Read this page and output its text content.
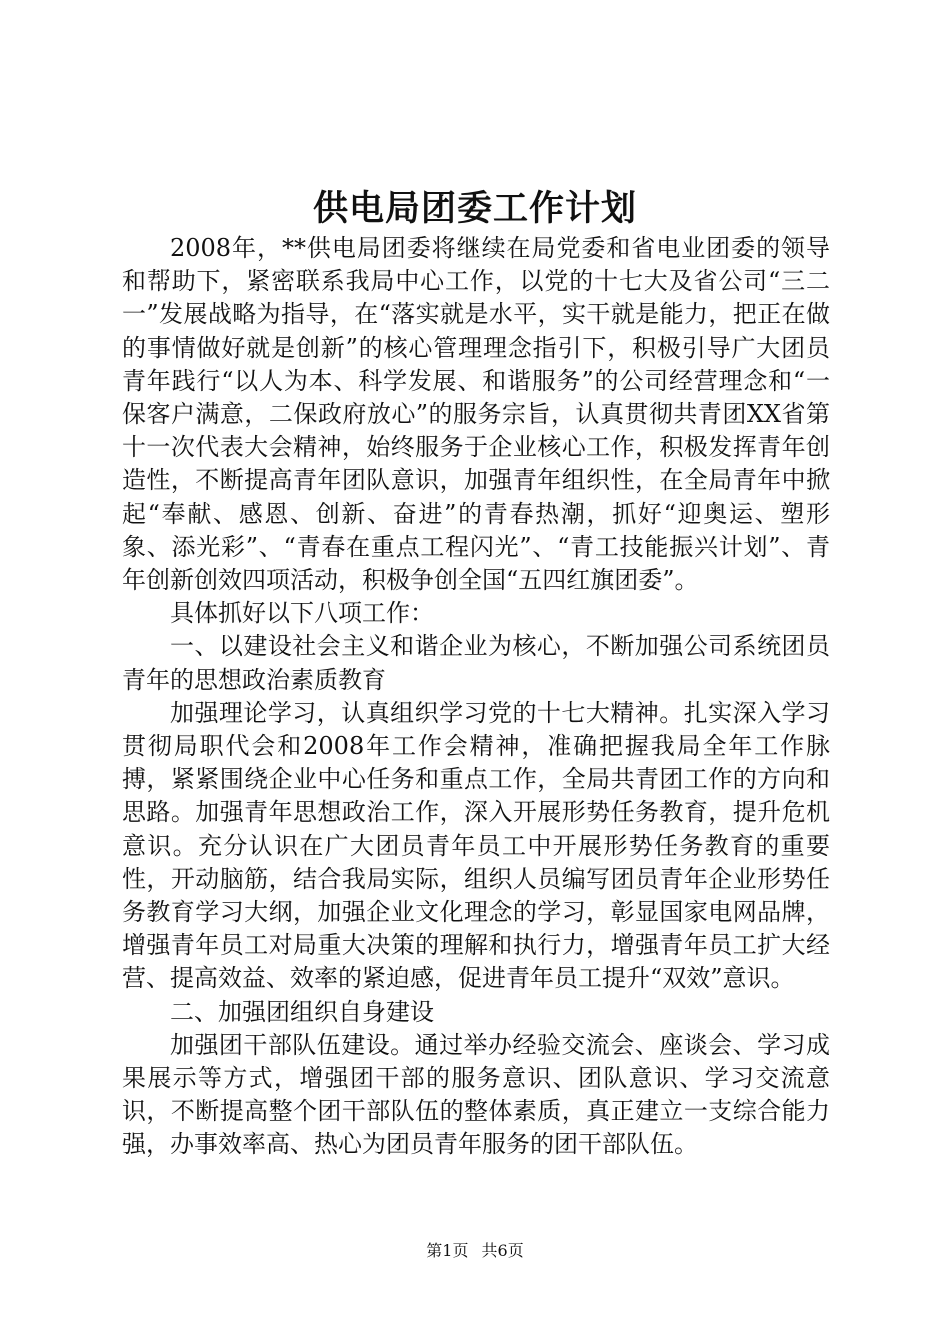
供电局团委工作计划

2008年，**供电局团委将继续在局党委和省电业团委的领导和帮助下，紧密联系我局中心工作，以党的十七大及省公司“三二一”发展战略为指导，在“落实就是水平，实干就是能力，把正在做的事情做好就是创新”的核心管理理念指引下，积极引导广大团员青年践行“以人为本、科学发展、和谐服务”的公司经营理念和“一保客户满意，二保政府放心”的服务宗旨，认真贯彻共青团XX省第十一次代表大会精神，始终服务于企业核心工作，积极发挥青年创造性，不断提高青年团队意识，加强青年组织性，在全局青年中掀起“奉献、感恩、创新、奋进”的青春热潮，抓好“迎奥运、塑形象、添光彩”、“青春在重点工程闪光”、“青工技能振兴计划”、青年创新创效四项活动，积极争创全国“五四红旗团委”。

具体抓好以下八项工作：

一、以建设社会主义和谐企业为核心，不断加强公司系统团员青年的思想政治素质教育

加强理论学习，认真组织学习党的十七大精神。扎实深入学习贯彻局职代会和2008年工作会精神，准确把握我局全年工作脉搏，紧紧围绕企业中心任务和重点工作，全局共青团工作的方向和思路。加强青年思想政治工作，深入开展形势任务教育，提升危机意识。充分认识在广大团员青年员工中开展形势任务教育的重要性，开动脑筋，结合我局实际，组织人员编写团员青年企业形势任务教育学习大纲，加强企业文化理念的学习，彰显国家电网品牌，增强青年员工对局重大决策的理解和执行力，增强青年员工扩大经营、提高效益、效率的紧迫感，促进青年员工提升“双效”意识。

二、加强团组织自身建设

加强团干部队伍建设。通过举办经验交流会、座谈会、学习成果展示等方式，增强团干部的服务意识、团队意识、学习交流意识，不断提高整个团干部队伍的整体素质，真正建立一支综合能力强，办事效率高、热心为团员青年服务的团干部队伍。

第1页 共6页
